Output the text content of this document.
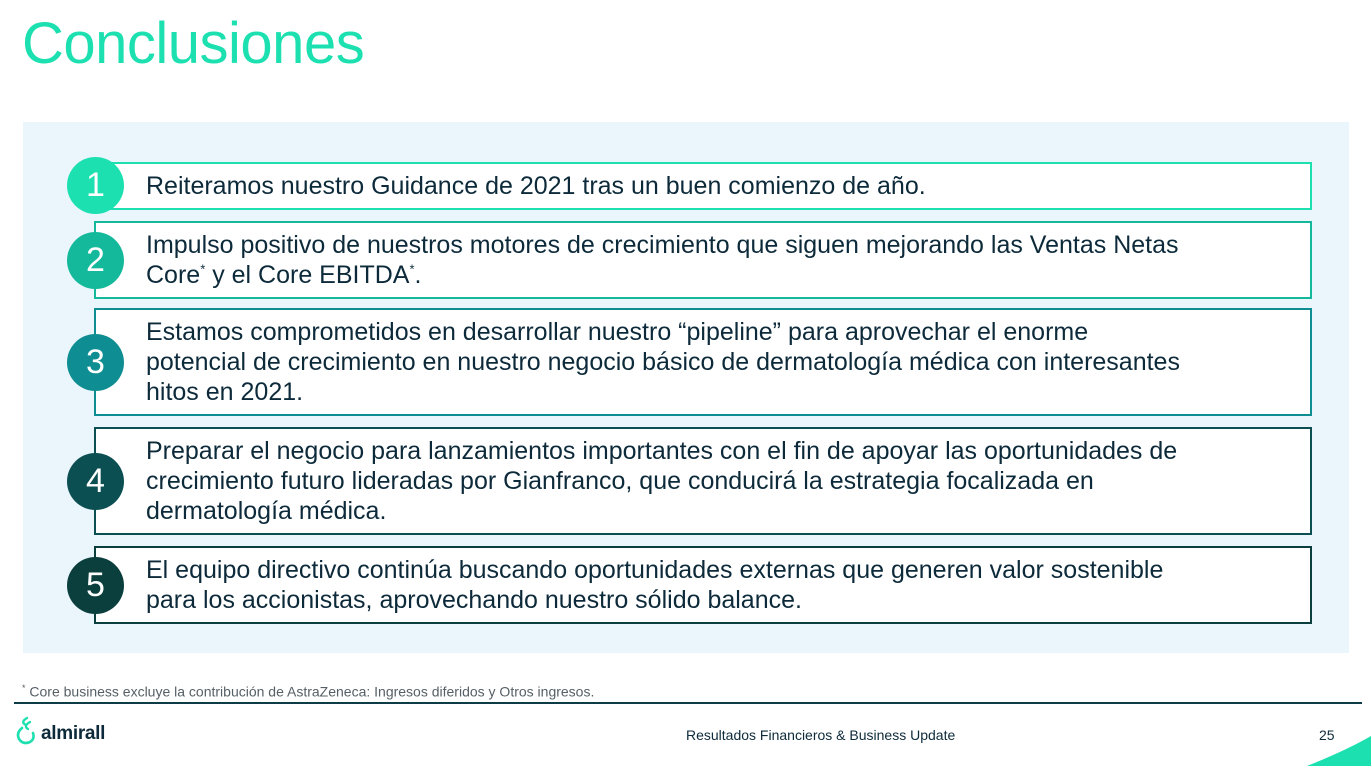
Conclusiones
Reiteramos nuestro Guidance de 2021 tras un buen comienzo de año.
1
Impulso positivo de nuestros motores de crecimiento que siguen mejorando las Ventas Netas
Core* y el Core EBITDA*.
2
Estamos comprometidos en desarrollar nuestro “pipeline” para aprovechar el enorme
potencial de crecimiento en nuestro negocio básico de dermatología médica con interesantes
hitos en 2021.
3
Preparar el negocio para lanzamientos importantes con el fin de apoyar las oportunidades de
crecimiento futuro lideradas por Gianfranco, que conducirá la estrategia focalizada en
dermatología médica.
4
El equipo directivo continúa buscando oportunidades externas que generen valor sostenible
para los accionistas, aprovechando nuestro sólido balance.
5
* Core business excluye la contribución de AstraZeneca: Ingresos diferidos y Otros ingresos.
almirall	Resultados Financieros & Business Update	25
